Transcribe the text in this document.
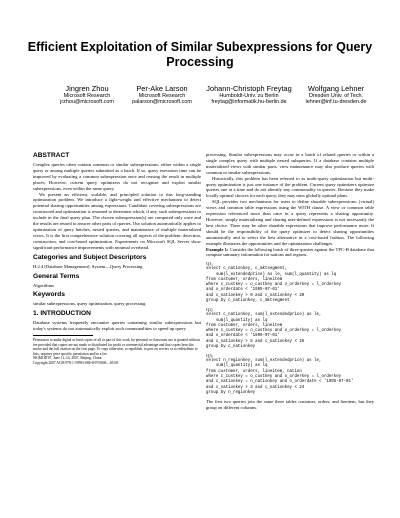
Efficient Exploitation of Similar Subexpressions for Query Processing
Jingren Zhou
Microsoft Research
jrzhou@microsoft.com
Per-Ake Larson
Microsoft Research
palarson@microsoft.com
Johann-Christoph Freytag
Humboldt-Univ. zu Berlin
freytag@informatik.hu-berlin.de
Wolfgang Lehner
Dresden Univ. of Tech.
lehner@inf.tu-dresden.de
ABSTRACT

Complex queries often contain common or similar subexpressions, either within a single query or among multiple queries submitted as a batch. If so, query execution time can be improved by evaluating a common subexpression once and reusing the result in multiple places. However, current query optimizers do not recognize and exploit similar subexpressions, even within the same query.

We present an efficient, scalable, and principled solution to this long-standing optimization problem. We introduce a light-weight and effective mechanism to detect potential sharing opportunities among expressions. Candidate covering subexpressions are constructed and optimization is resumed to determine which, if any, such subexpressions to include in the final query plan. The chosen subexpression(s) are computed only once and the results are reused to answer other parts of queries. Our solution automatically applies to optimization of query batches, nested queries, and maintenance of multiple materialized views. It is the first comprehensive solution covering all aspects of the problem: detection, construction, and cost-based optimization. Experiments on Microsoft SQL Server show significant performance improvements with minimal overhead.

Categories and Subject Descriptors

H.2.4 [Database Management]: System—Query Processing

General Terms

Algorithms

Keywords

similar subexpressions, query optimization, query processing

1. INTRODUCTION

Database systems frequently encounter queries containing similar subexpressions but today's systems do not automatically exploit such commonalities to speed up query

Permission to make digital or hard copies of all or part of this work for personal or classroom use is granted without fee provided that copies are not made or distributed for profit or commercial advantage and that copies bear this notice and the full citation on the first page. To copy otherwise, to republish, to post on servers or to redistribute to lists, requires prior specific permission and/or a fee.
SIGMOD'07, June 11–14, 2007, Beijing, China.
Copyright 2007 ACM 978-1-59593-686-8/07/0006 ...$5.00.

processing. Similar subexpressions may occur in a batch of related queries or within a single complex query with multiple nested subqueries. If a database contains multiple materialized views with similar parts, view maintenance may also produce queries with common or similar subexpressions.

Historically, this problem has been referred to as multi-query optimization but multi-query optimization is just one instance of the problem. Current query optimizers optimize queries one at a time and do not identify any commonality in queries. Because they make locally optimal choices for each query, they may miss globally optimal plans.

SQL provides two mechanisms for users to define sharable subexpressions: (virtual) views and common table expressions using the WITH clause. A view or common table expression referenced more than once in a query represents a sharing opportunity. However, simply materializing and sharing user-defined expressions is not necessarily the best choice. There may be other sharable expressions that improve performance more. It should be the responsibility of the query optimizer to detect sharing opportunities automatically and to select the best alternative in a cost-based fashion. The following example illustrates the opportunities and the optimization challenges.

Example 1: Consider the following batch of three queries against the TPC-H database that compute summary information for nations and regions.

Q1:
select c_nationkey, c_mktsegment,
sum(l_extendedprice) as le, sum(l_quantity) as lq
from customer, orders, lineitem
where c_custkey = o_custkey and o_orderkey = l_orderkey
and o_orderdate < '1995-07-01'
and c_nationkey > 0 and c_nationkey < 20
group by c_nationkey, c_mktsegment
Q2:
select c_nationkey, sum(l_extendedprice) as le,
sum(l_quantity) as lq
from customer, orders, lineitem
where c_custkey = o_custkey and o_orderkey = l_orderkey
and o_orderdate < '1995-07-01'
and c_nationkey > 5 and c_nationkey < 25
group by c_nationkey
Q3:
select n_regionkey, sum(l_extendedprice) as le,
sum(l_quantity) as lq
from customer, orders, lineitem, nation
where c_custkey = o_custkey and o_orderkey = l_orderkey
and c_nationkey = n_nationkey and o_orderdate < '1995-07-01'
and c_nationkey > 3 and c_nationkey < 24
group by n_regionkey

The first two queries join the same three tables customer, orders, and lineitem, but they group on different columns.
